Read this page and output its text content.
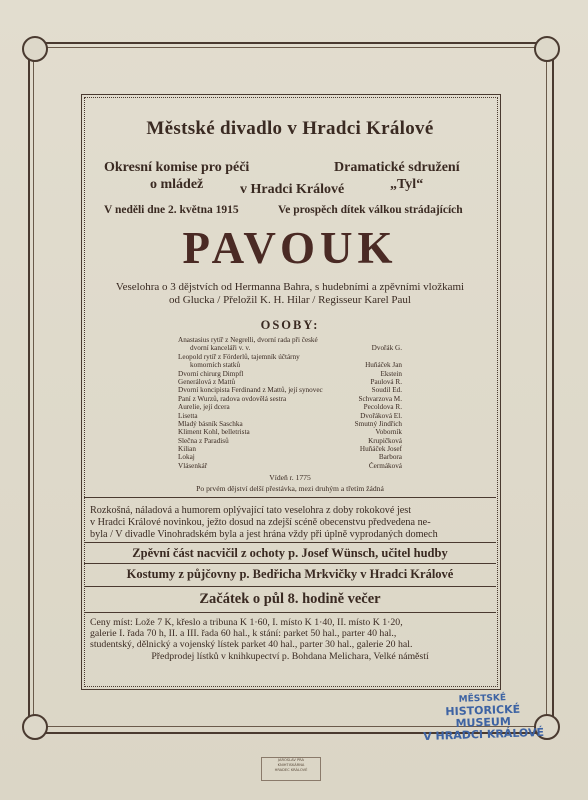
Městské divadlo v Hradci Králové
Okresní komise pro péči
o mládež	v Hradci Králové
Dramatické sdružení
„Tyl“
V neděli dne 2. května 1915	Ve prospěch dítek válkou strádajících
PAVOUK
Veselohra o 3 dějstvích od Hermanna Bahra, s hudebními a zpěvními vložkami
od Glucka / Přeložil K. H. Hilar / Regisseur Karel Paul
OSOBY:
Anastasius rytíř z Negrelli, dvorní rada při české
dvorní kanceláři v. v.	Dvořák G.
Leopold rytíř z Förderlů, tajemník účtárny
komorních statků	Huňáček Jan
Dvorní chirurg Dimpfl	Ekstein
Generálová z Mattů	Paulová R.
Dvorní koncipista Ferdinand z Mattů, její synovec	Soudil Ed.
Paní z Wurzů, radova ovdovělá sestra	Schvarzova M.
Aurelie, její dcera	Pecoldova R.
Lisetta	Dvořáková El.
Mladý básník Saschka	Smutný Jindřich
Kliment Kohl, belletrista	Voborník
Slečna z Paradisů	Krupičková
Kilian	Huňáček Josef
Lokaj	Barbora
Vlásenkář	Čermáková
Vídeň r. 1775
Po prvém dějství delší přestávka, mezi druhým a třetím žádná
Rozkošná, náladová a humorem oplývající tato veselohra z doby rokokové jest
v Hradci Králové novinkou, ježto dosud na zdejší scéně obecenstvu předvedena ne-
byla / V divadle Vinohradském byla a jest hrána vždy při úplně vyprodaných domech
Zpěvní část nacvičil z ochoty p. Josef Wünsch, učitel hudby
Kostumy z půjčovny p. Bedřicha Mrkvičky v Hradci Králové
Začátek o půl 8. hodině večer
Ceny míst: Lože 7 K, křeslo a tribuna K 1·60, I. místo K 1·40, II. místo K 1·20,
galerie I. řada 70 h, II. a III. řada 60 hal., k stání: parket 50 hal., parter 40 hal.,
studentský, dělnický a vojenský lístek parket 40 hal., parter 30 hal., galerie 20 hal.
Předprodej lístků v knihkupectví p. Bohdana Melichara, Velké náměstí
MĚSTSKÉ
HISTORICKÉ MUSEUM
V HRADCI KRÁLOVÉ
JAROSLAV PRA
KNIHTISKÁRNA
HRADEC KRÁLOVÉ
